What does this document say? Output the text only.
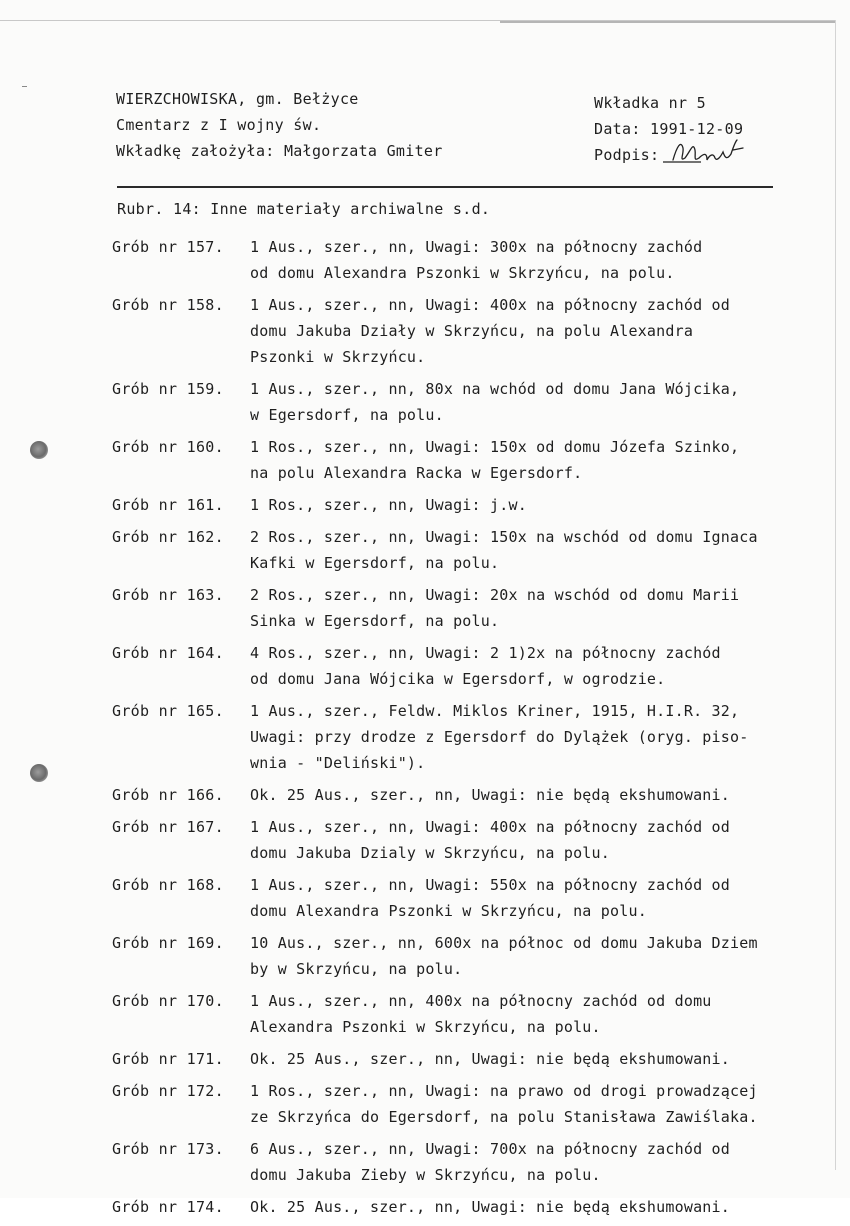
WIERZCHOWISKA, gm. Bełżyce
Cmentarz z I wojny św.
Wkładkę założyła: Małgorzata Gmiter
Wkładka nr 5
Data: 1991-12-09
Podpis:
Rubr. 14: Inne materiały archiwalne s.d.
Grób nr 157.	1 Aus., szer., nn, Uwagi: 300x na północny zachód
od domu Alexandra Pszonki w Skrzyńcu, na polu.
Grób nr 158.	1 Aus., szer., nn, Uwagi: 400x na północny zachód od
domu Jakuba Działy w Skrzyńcu, na polu Alexandra
Pszonki w Skrzyńcu.
Grób nr 159.	1 Aus., szer., nn, 80x na wchód od domu Jana Wójcika,
w Egersdorf, na polu.
Grób nr 160.	1 Ros., szer., nn, Uwagi: 150x od domu Józefa Szinko,
na polu Alexandra Racka w Egersdorf.
Grób nr 161.	1 Ros., szer., nn, Uwagi: j.w.
Grób nr 162.	2 Ros., szer., nn, Uwagi: 150x na wschód od domu Ignaca
Kafki w Egersdorf, na polu.
Grób nr 163.	2 Ros., szer., nn, Uwagi: 20x na wschód od domu Marii
Sinka w Egersdorf, na polu.
Grób nr 164.	4 Ros., szer., nn, Uwagi: 2 1)2x na północny zachód
od domu Jana Wójcika w Egersdorf, w ogrodzie.
Grób nr 165.	1 Aus., szer., Feldw. Miklos Kriner, 1915, H.I.R. 32,
Uwagi: przy drodze z Egersdorf do Dylążek (oryg. piso-
wnia - "Deliński").
Grób nr 166.	Ok. 25 Aus., szer., nn, Uwagi: nie będą ekshumowani.
Grób nr 167.	1 Aus., szer., nn, Uwagi: 400x na północny zachód od
domu Jakuba Dzialy w Skrzyńcu, na polu.
Grób nr 168.	1 Aus., szer., nn, Uwagi: 550x na północny zachód od
domu Alexandra Pszonki w Skrzyńcu, na polu.
Grób nr 169.	10 Aus., szer., nn, 600x na północ od domu Jakuba Dziem
by w Skrzyńcu, na polu.
Grób nr 170.	1 Aus., szer., nn, 400x na północny zachód od domu
Alexandra Pszonki w Skrzyńcu, na polu.
Grób nr 171.	Ok. 25 Aus., szer., nn, Uwagi: nie będą ekshumowani.
Grób nr 172.	1 Ros., szer., nn, Uwagi: na prawo od drogi prowadzącej
ze Skrzyńca do Egersdorf, na polu Stanisława Zawiślaka.
Grób nr 173.	6 Aus., szer., nn, Uwagi: 700x na północny zachód od
domu Jakuba Zieby w Skrzyńcu, na polu.
Grób nr 174.	Ok. 25 Aus., szer., nn, Uwagi: nie będą ekshumowani.
